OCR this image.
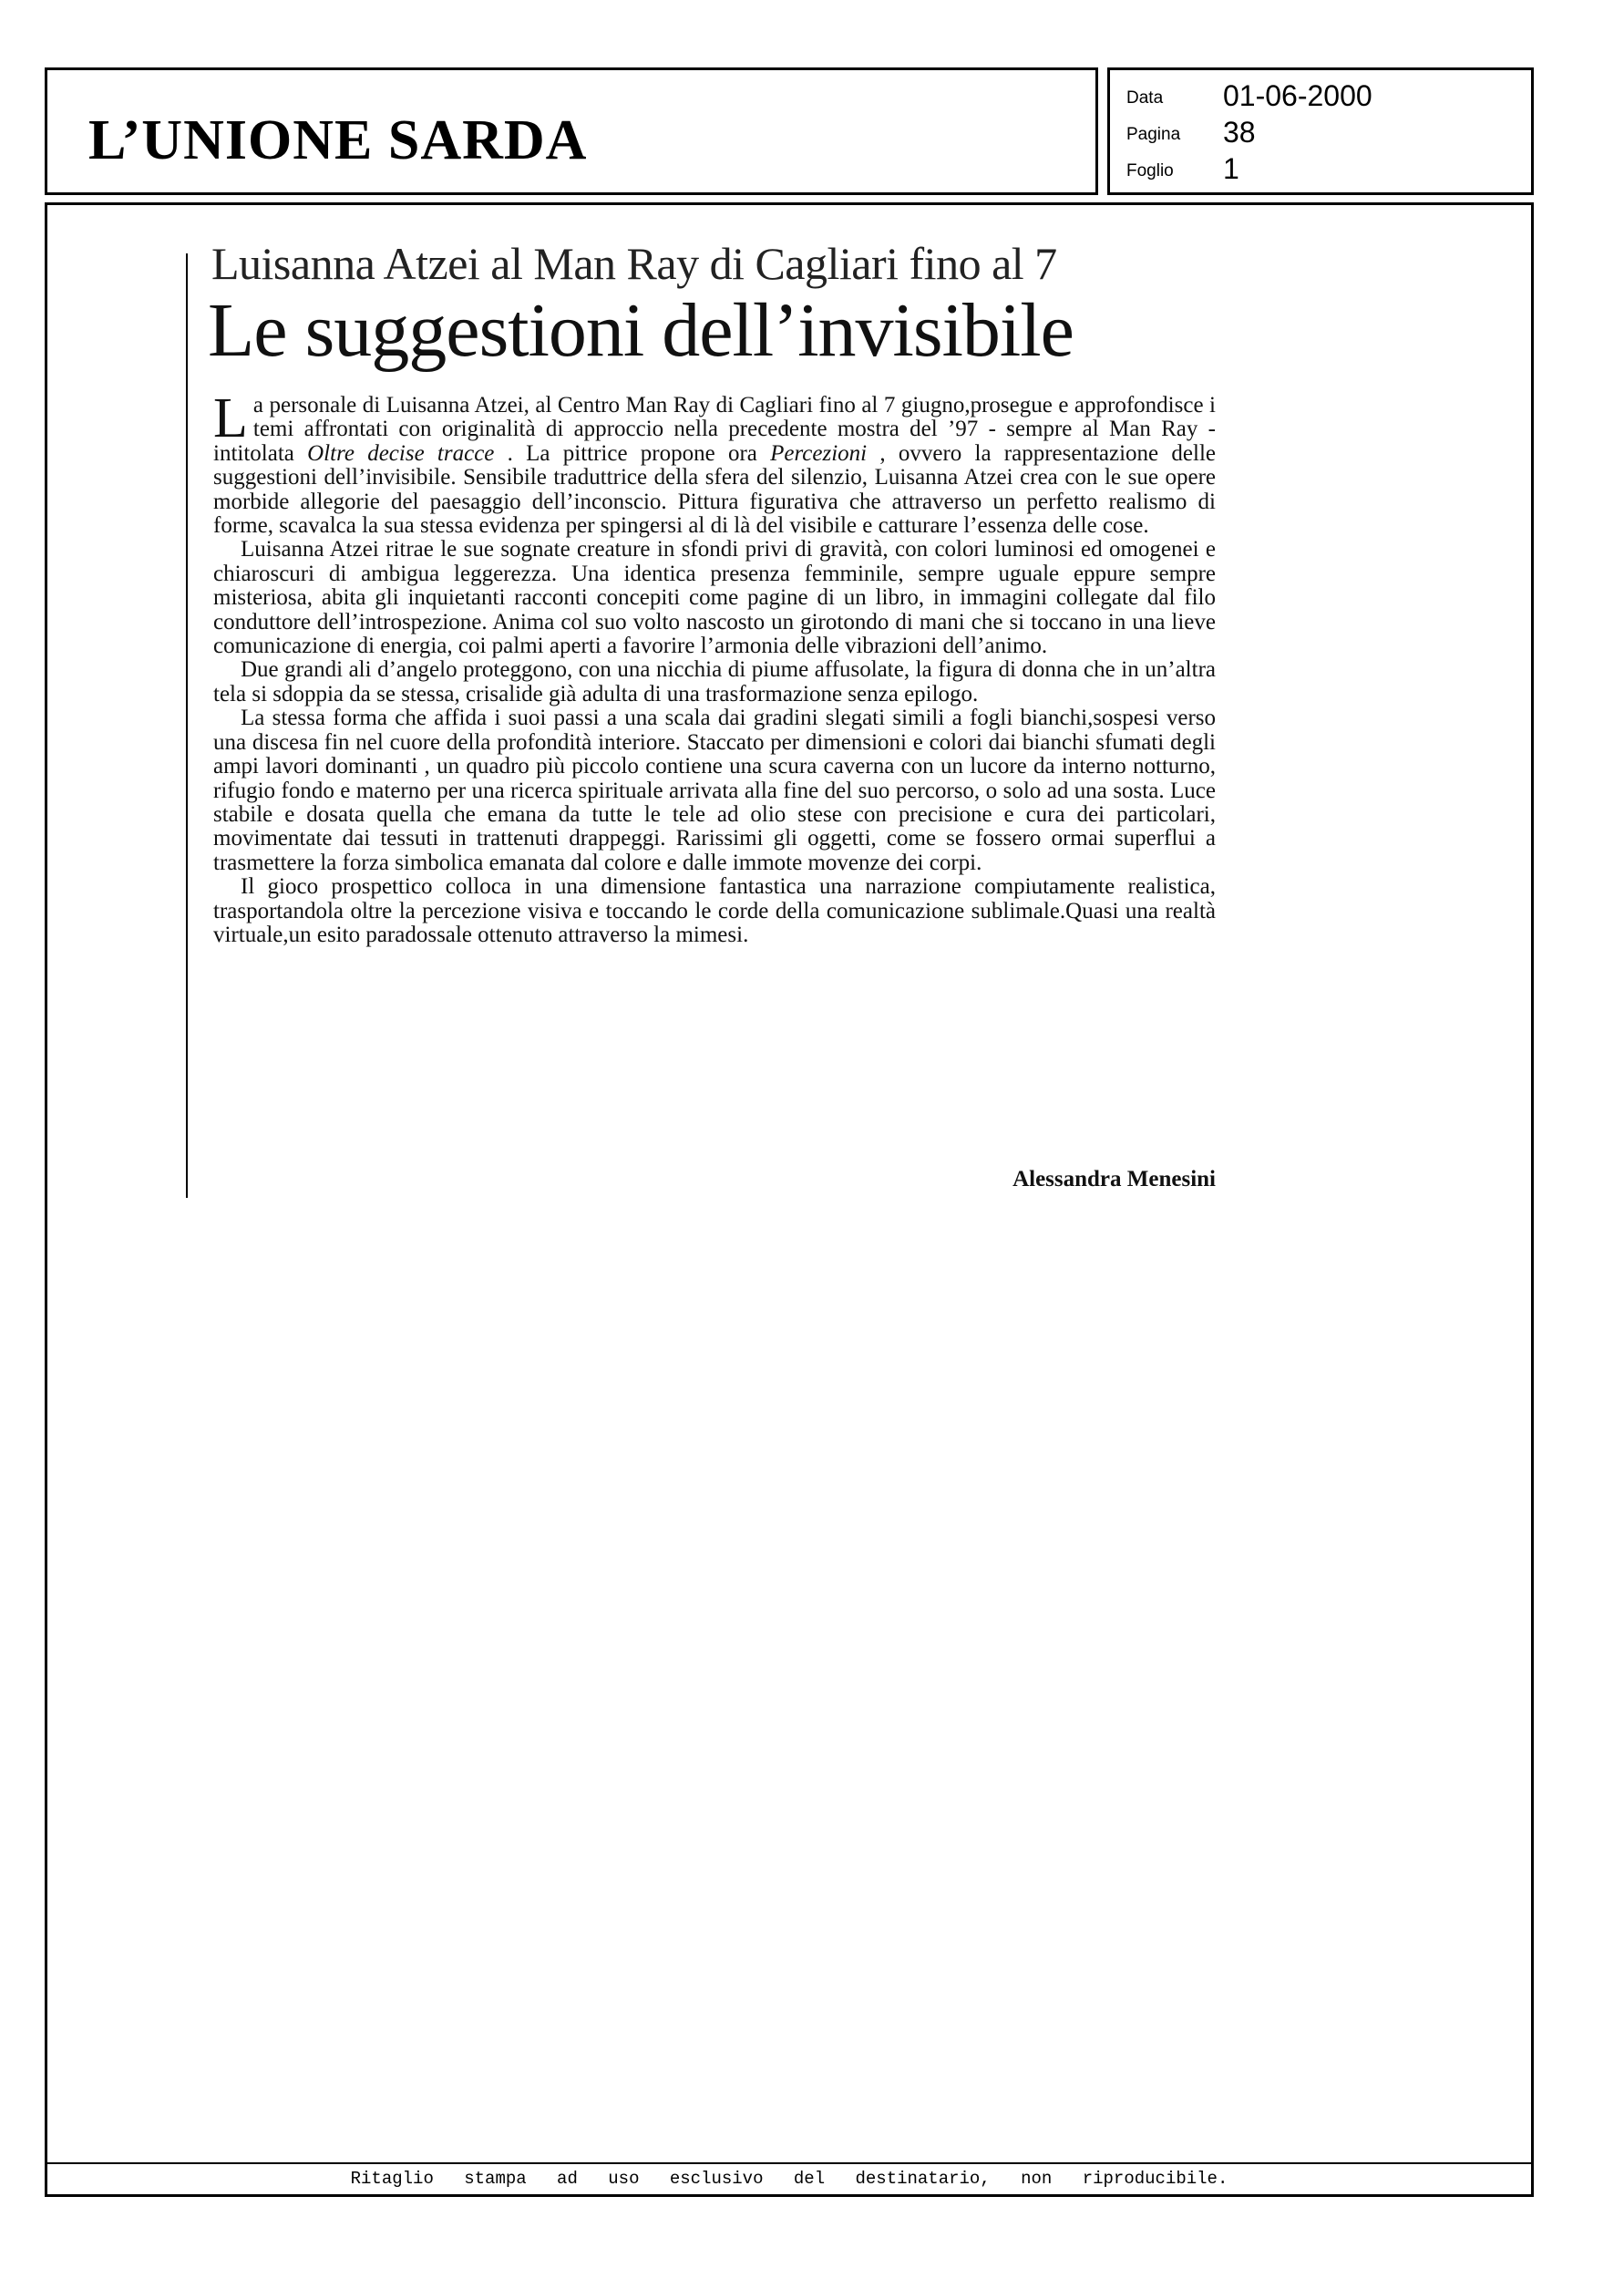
L’UNIONE SARDA
Data 01-06-2000
Pagina 38
Foglio 1
Luisanna Atzei al Man Ray di Cagliari fino al 7
Le suggestioni dell’invisibile

La personale di Luisanna Atzei, al Centro Man Ray di Cagliari fino al 7 giugno,prosegue e approfondisce i temi affrontati con originalità di approccio nella precedente mostra del ’97 - sempre al Man Ray - intitolata Oltre decise tracce . La pittrice propone ora Percezioni , ovvero la rappresentazione delle suggestioni dell’invisibile. Sensibile traduttrice della sfera del silenzio, Luisanna Atzei crea con le sue opere morbide allegorie del paesaggio dell’inconscio. Pittura figurativa che attraverso un perfetto realismo di forme, scavalca la sua stessa evidenza per spingersi al di là del visibile e catturare l’essenza delle cose.

Luisanna Atzei ritrae le sue sognate creature in sfondi privi di gravità, con colori luminosi ed omogenei e chiaroscuri di ambigua leggerezza. Una identica presenza femminile, sempre uguale eppure sempre misteriosa, abita gli inquietanti racconti concepiti come pagine di un libro, in immagini collegate dal filo conduttore dell’introspezione. Anima col suo volto nascosto un girotondo di mani che si toccano in una lieve comunicazione di energia, coi palmi aperti a favorire l’armonia delle vibrazioni dell’animo.

Due grandi ali d’angelo proteggono, con una nicchia di piume affusolate, la figura di donna che in un’altra tela si sdoppia da se stessa, crisalide già adulta di una trasformazione senza epilogo.

La stessa forma che affida i suoi passi a una scala dai gradini slegati simili a fogli bianchi,sospesi verso una discesa fin nel cuore della profondità interiore. Staccato per dimensioni e colori dai bianchi sfumati degli ampi lavori dominanti , un quadro più piccolo contiene una scura caverna con un lucore da interno notturno, rifugio fondo e materno per una ricerca spirituale arrivata alla fine del suo percorso, o solo ad una sosta. Luce stabile e dosata quella che emana da tutte le tele ad olio stese con precisione e cura dei particolari, movimentate dai tessuti in trattenuti drappeggi. Rarissimi gli oggetti, come se fossero ormai superflui a trasmettere la forza simbolica emanata dal colore e dalle immote movenze dei corpi.

Il gioco prospettico colloca in una dimensione fantastica una narrazione compiutamente realistica, trasportandola oltre la percezione visiva e toccando le corde della comunicazione sublimale.Quasi una realtà virtuale,un esito paradossale ottenuto attraverso la mimesi.

Alessandra Menesini
Ritaglio stampa ad uso esclusivo del destinatario, non riproducibile.
